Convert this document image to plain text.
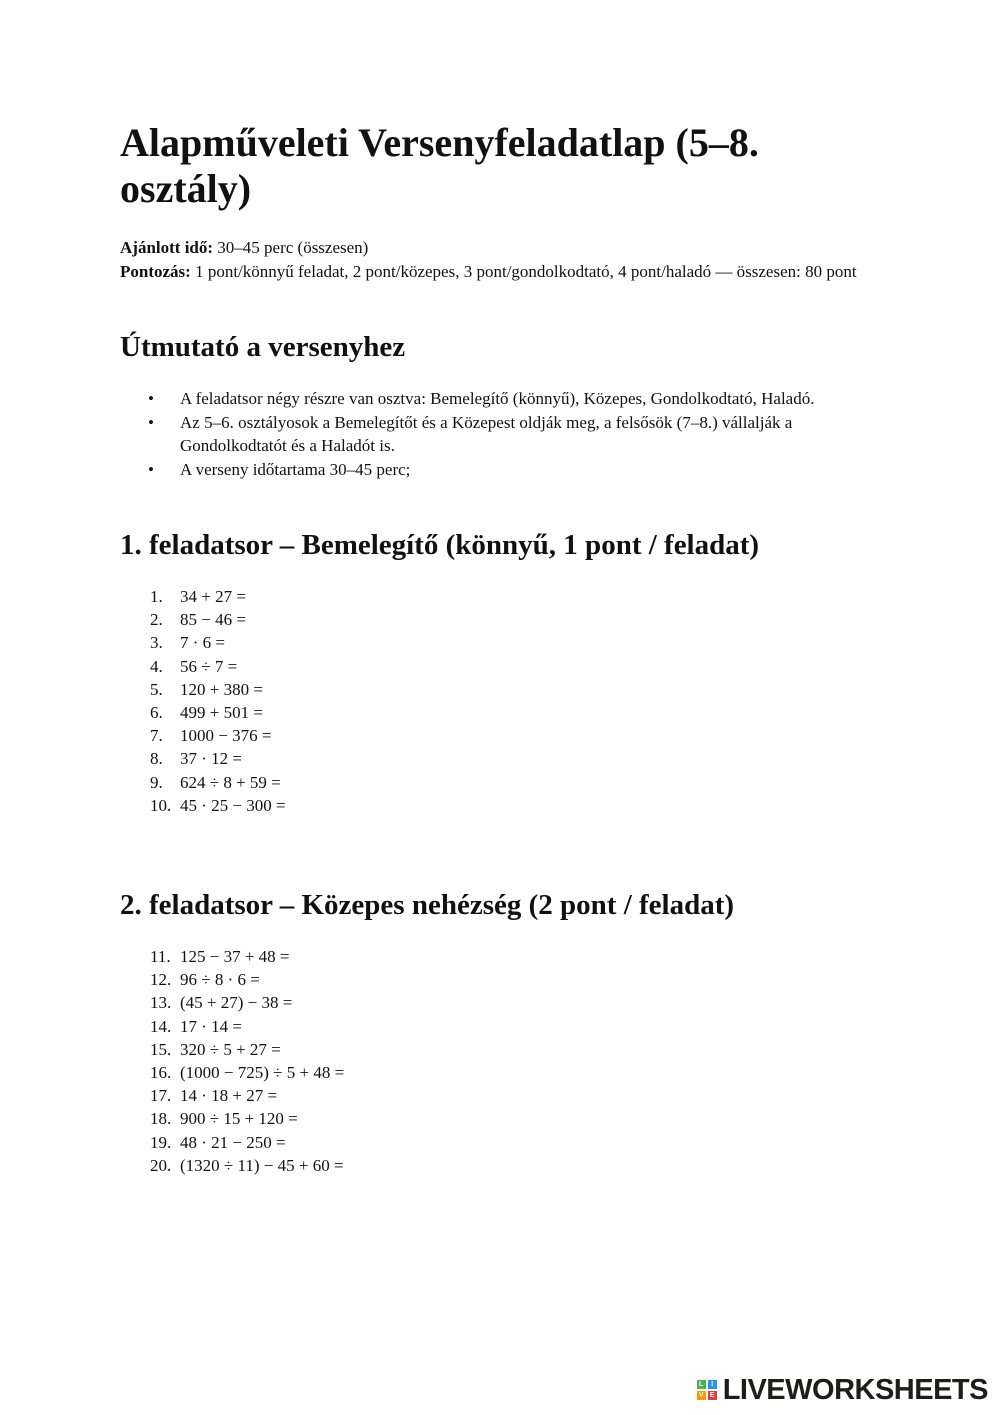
Alapműveleti Versenyfeladatlap (5–8. osztály)
Ajánlott idő: 30–45 perc (összesen)
Pontozás: 1 pont/könnyű feladat, 2 pont/közepes, 3 pont/gondolkodtató, 4 pont/haladó — összesen: 80 pont
Útmutató a versenyhez
• A feladatsor négy részre van osztva: Bemelegítő (könnyű), Közepes, Gondolkodtató, Haladó.
• Az 5–6. osztályosok a Bemelegítőt és a Közepest oldják meg, a felsősök (7–8.) vállalják a Gondolkodtatót és a Haladót is.
• A verseny időtartama 30–45 perc;
1. feladatsor – Bemelegítő (könnyű, 1 pont / feladat)
1. 34 + 27 =
2. 85 − 46 =
3. 7 · 6 =
4. 56 ÷ 7 =
5. 120 + 380 =
6. 499 + 501 =
7. 1000 − 376 =
8. 37 · 12 =
9. 624 ÷ 8 + 59 =
10. 45 · 25 − 300 =
2. feladatsor – Közepes nehézség (2 pont / feladat)
11. 125 − 37 + 48 =
12. 96 ÷ 8 · 6 =
13. (45 + 27) − 38 =
14. 17 · 14 =
15. 320 ÷ 5 + 27 =
16. (1000 − 725) ÷ 5 + 48 =
17. 14 · 18 + 27 =
18. 900 ÷ 15 + 120 =
19. 48 · 21 − 250 =
20. (1320 ÷ 11) − 45 + 60 =
L	I
V E LIVEWORKSHEETS
